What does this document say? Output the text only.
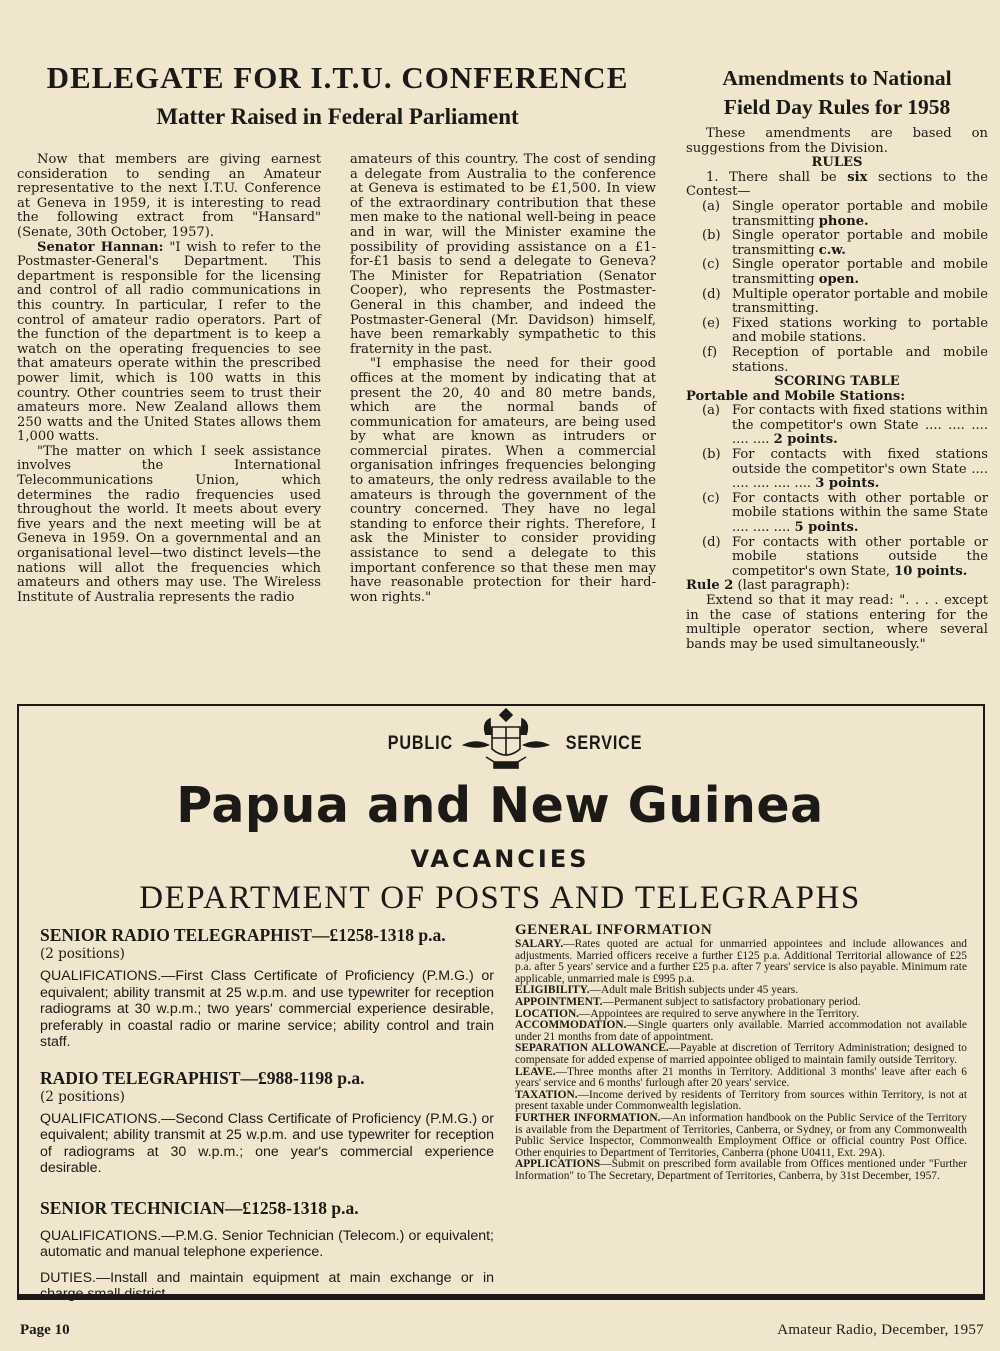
DELEGATE FOR I.T.U. CONFERENCE
Matter Raised in Federal Parliament

Now that members are giving earnest consideration to sending an Amateur representative to the next I.T.U. Conference at Geneva in 1959, it is interesting to read the following extract from "Hansard" (Senate, 30th October, 1957).

Senator Hannan: "I wish to refer to the Postmaster-General's Department. This department is responsible for the licensing and control of all radio communications in this country. In particular, I refer to the control of amateur radio operators. Part of the function of the department is to keep a watch on the operating frequencies to see that amateurs operate within the prescribed power limit, which is 100 watts in this country. Other countries seem to trust their amateurs more. New Zealand allows them 250 watts and the United States allows them 1,000 watts.

"The matter on which I seek assistance involves the International Telecommunications Union, which determines the radio frequencies used throughout the world. It meets about every five years and the next meeting will be at Geneva in 1959. On a governmental and an organisational level—two distinct levels—the nations will allot the frequencies which amateurs and others may use. The Wireless Institute of Australia represents the radio

amateurs of this country. The cost of sending a delegate from Australia to the conference at Geneva is estimated to be £1,500. In view of the extraordinary contribution that these men make to the national well-being in peace and in war, will the Minister examine the possibility of providing assistance on a £1-for-£1 basis to send a delegate to Geneva? The Minister for Repatriation (Senator Cooper), who represents the Postmaster-General in this chamber, and indeed the Postmaster-General (Mr. Davidson) himself, have been remarkably sympathetic to this fraternity in the past.

"I emphasise the need for their good offices at the moment by indicating that at present the 20, 40 and 80 metre bands, which are the normal bands of communication for amateurs, are being used by what are known as intruders or commercial pirates. When a commercial organisation infringes frequencies belonging to amateurs, the only redress available to the amateurs is through the government of the country concerned. They have no legal standing to enforce their rights. Therefore, I ask the Minister to consider providing assistance to send a delegate to this important conference so that these men may have reasonable protection for their hard-won rights."

Amendments to National
Field Day Rules for 1958

These amendments are based on suggestions from the Division.

RULES

1. There shall be six sections to the Contest—

(a) Single operator portable and mobile transmitting phone.
(b) Single operator portable and mobile transmitting c.w.
(c) Single operator portable and mobile transmitting open.
(d) Multiple operator portable and mobile transmitting.
(e) Fixed stations working to portable and mobile stations.
(f)	Reception of portable and mobile stations.

SCORING TABLE

Portable and Mobile Stations:

(a) For contacts with fixed stations within the competitor's own State .... .... .... .... .... 2 points.
(b) For contacts with fixed stations outside the competitor's own State .... .... .... .... .... 3 points.
(c) For contacts with other portable or mobile stations within the same State .... .... .... 5 points.
(d) For contacts with other portable or mobile stations outside the competitor's own State, 10 points.

Rule 2 (last paragraph):

Extend so that it may read: ". . . . except in the case of stations entering for the multiple operator section, where several bands may be used simultaneously."

PUBLIC	SERVICE
Papua and New Guinea
VACANCIES
DEPARTMENT OF POSTS AND TELEGRAPHS

SENIOR RADIO TELEGRAPHIST—£1258-1318 p.a.

(2 positions)

QUALIFICATIONS.—First Class Certificate of Proficiency (P.M.G.) or equivalent; ability transmit at 25 w.p.m. and use typewriter for reception radiograms at 30 w.p.m.; two years' commercial experience desirable, preferably in coastal radio or marine service; ability control and train staff.

RADIO TELEGRAPHIST—£988-1198 p.a.

(2 positions)

QUALIFICATIONS.—Second Class Certificate of Proficiency (P.M.G.) or equivalent; ability transmit at 25 w.p.m. and use typewriter for reception of radiograms at 30 w.p.m.; one year's commercial experience desirable.

SENIOR TECHNICIAN—£1258-1318 p.a.

QUALIFICATIONS.—P.M.G. Senior Technician (Telecom.) or equivalent; automatic and manual telephone experience.

DUTIES.—Install and maintain equipment at main exchange or in charge small district.

GENERAL INFORMATION

SALARY.—Rates quoted are actual for unmarried appointees and include allowances and adjustments. Married officers receive a further £125 p.a. Additional Territorial allowance of £25 p.a. after 5 years' service and a further £25 p.a. after 7 years' service is also payable. Minimum rate applicable, unmarried male is £995 p.a.

ELIGIBILITY.—Adult male British subjects under 45 years.

APPOINTMENT.—Permanent subject to satisfactory probationary period.

LOCATION.—Appointees are required to serve anywhere in the Territory.

ACCOMMODATION.—Single quarters only available. Married accommodation not available under 21 months from date of appointment.

SEPARATION ALLOWANCE.—Payable at discretion of Territory Administration; designed to compensate for added expense of married appointee obliged to maintain family outside Territory.

LEAVE.—Three months after 21 months in Territory. Additional 3 months' leave after each 6 years' service and 6 months' furlough after 20 years' service.

TAXATION.—Income derived by residents of Territory from sources within Territory, is not at present taxable under Commonwealth legislation.

FURTHER INFORMATION.—An information handbook on the Public Service of the Territory is available from the Department of Territories, Canberra, or Sydney, or from any Commonwealth Public Service Inspector, Commonwealth Employment Office or official country Post Office. Other enquiries to Department of Territories, Canberra (phone U0411, Ext. 29A).

APPLICATIONS—Submit on prescribed form available from Offices mentioned under "Further Information" to The Secretary, Department of Territories, Canberra, by 31st December, 1957.

Page 10	Amateur Radio, December, 1957
